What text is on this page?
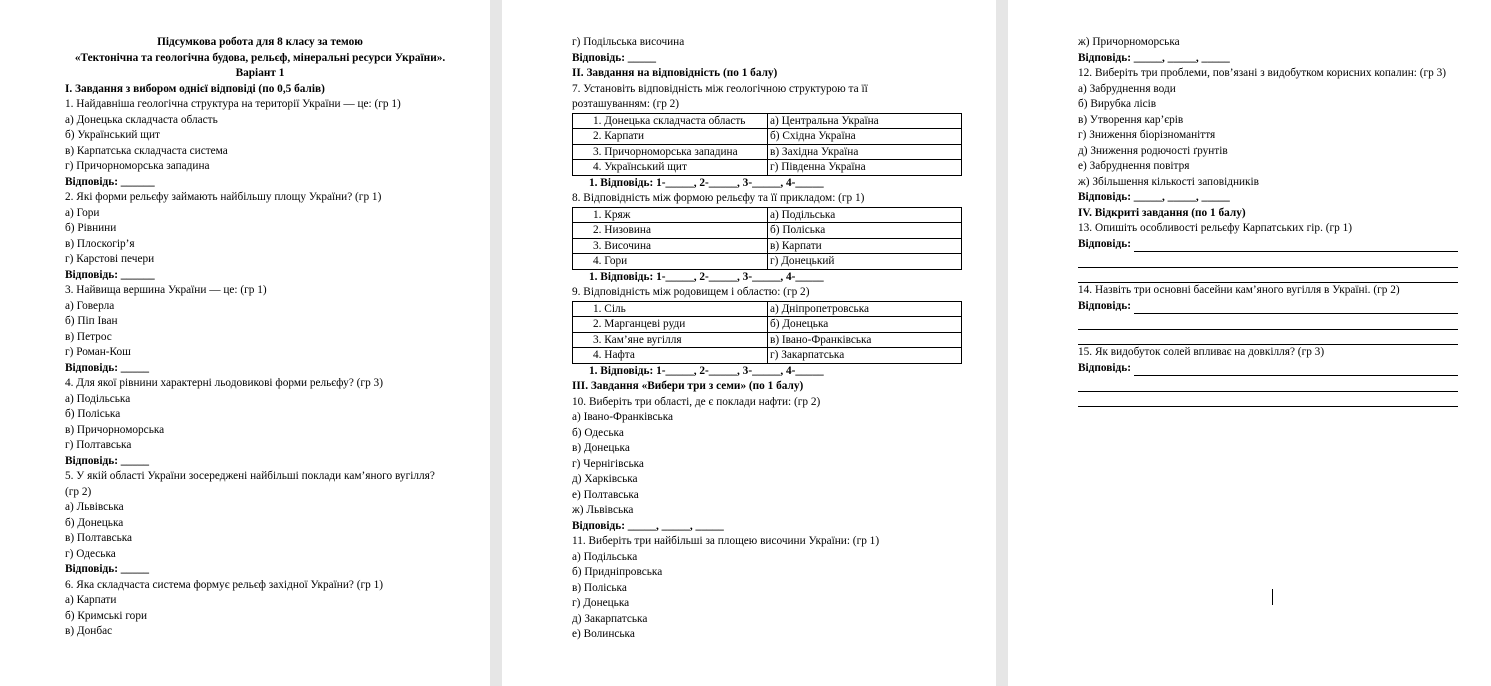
Підсумкова робота для 8 класу за темою
«Тектонічна та геологічна будова, рельєф, мінеральні ресурси України».
Варіант 1
I. Завдання з вибором однієї відповіді (по 0,5 балів)
1. Найдавніша геологічна структура на території України — це: (гр 1)
а) Донецька складчаста область
б) Український щит
в) Карпатська складчаста система
г) Причорноморська западина
Відповідь: ______
2. Які форми рельєфу займають найбільшу площу України? (гр 1)
а) Гори
б) Рівнини
в) Плоскогір’я
г) Карстові печери
Відповідь: ______
3. Найвища вершина України — це: (гр 1)
а) Говерла
б) Піп Іван
в) Петрос
г) Роман-Кош
Відповідь: _____
4. Для якої рівнини характерні льодовикові форми рельєфу? (гр 3)
а) Подільська
б) Поліська
в) Причорноморська
г) Полтавська
Відповідь: _____
5. У якій області України зосереджені найбільші поклади кам’яного вугілля?
(гр 2)
а) Львівська
б) Донецька
в) Полтавська
г) Одеська
Відповідь: _____
6. Яка складчаста система формує рельєф західної України? (гр 1)
а) Карпати
б) Кримські гори
в) Донбас
г) Подільська височина
Відповідь: _____
II. Завдання на відповідність (по 1 балу)
7. Установіть відповідність між геологічною структурою та її
розташуванням: (гр 2)
1. Донецька складчаста область	а) Центральна Україна
2. Карпати	б) Східна Україна
3. Причорноморська западина	в) Західна Україна
4. Український щит	г) Південна Україна
1. Відповідь: 1-_____, 2-_____, 3-_____, 4-_____
8. Відповідність між формою рельєфу та її прикладом: (гр 1)
1. Кряж	а) Подільська
2. Низовина	б) Поліська
3. Височина	в) Карпати
4. Гори	г) Донецький
1. Відповідь: 1-_____, 2-_____, 3-_____, 4-_____
9. Відповідність між родовищем і областю: (гр 2)
1. Сіль	а) Дніпропетровська
2. Марганцеві руди	б) Донецька
3. Кам’яне вугілля	в) Івано-Франківська
4. Нафта	г) Закарпатська
1. Відповідь: 1-_____, 2-_____, 3-_____, 4-_____
III. Завдання «Вибери три з семи» (по 1 балу)
10. Виберіть три області, де є поклади нафти: (гр 2)
а) Івано-Франківська
б) Одеська
в) Донецька
г) Чернігівська
д) Харківська
е) Полтавська
ж) Львівська
Відповідь: _____, _____, _____
11. Виберіть три найбільші за площею височини України: (гр 1)
а) Подільська
б) Придніпровська
в) Поліська
г) Донецька
д) Закарпатська
е) Волинська
ж) Причорноморська
Відповідь: _____, _____, _____
12. Виберіть три проблеми, пов’язані з видобутком корисних копалин: (гр 3)
а) Забруднення води
б) Вирубка лісів
в) Утворення кар’єрів
г) Зниження біорізноманіття
д) Зниження родючості ґрунтів
е) Забруднення повітря
ж) Збільшення кількості заповідників
Відповідь: _____, _____, _____
IV. Відкриті завдання (по 1 балу)
13. Опишіть особливості рельєфу Карпатських гір. (гр 1)
Відповідь:
14. Назвіть три основні басейни кам’яного вугілля в Україні. (гр 2)
Відповідь:
15. Як видобуток солей впливає на довкілля? (гр 3)
Відповідь:
